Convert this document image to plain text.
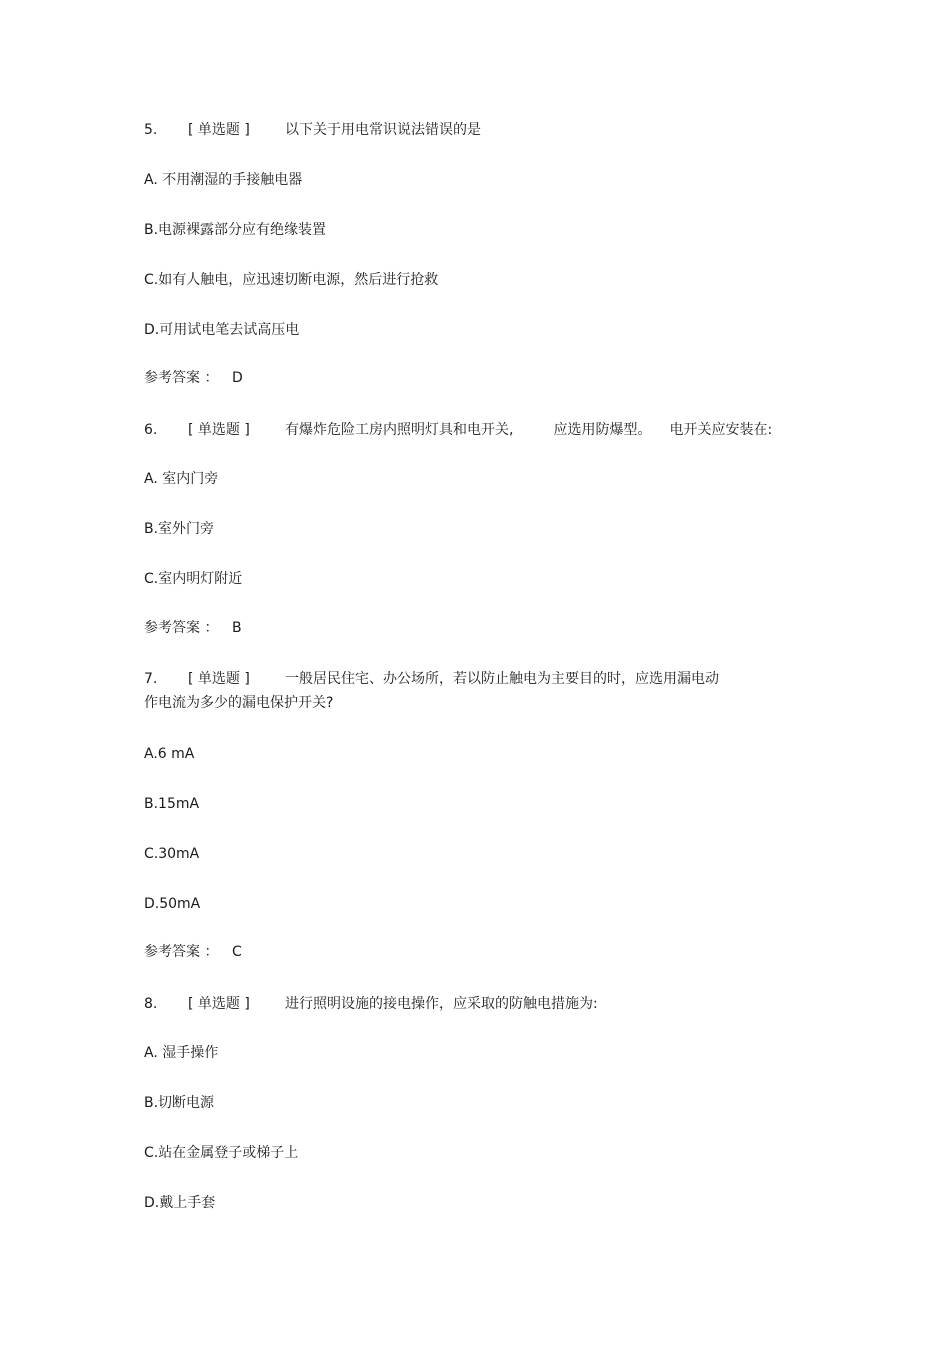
5. [ 单选题 ]	以下关于用电常识说法错误的是
A. 不用潮湿的手接触电器
B.电源裸露部分应有绝缘装置
C.如有人触电，应迅速切断电源，然后进行抢救
D.可用试电笔去试高压电
参考答案 ： D
6. [ 单选题 ]	有爆炸危险工房内照明灯具和电开关,	应选用防爆型。 电开关应安装在:
A. 室内门旁
B.室外门旁
C.室内明灯附近
参考答案 ： B
7. [ 单选题 ]	一般居民住宅、办公场所，若以防止触电为主要目的时，应选用漏电动
作电流为多少的漏电保护开关?
A.6 mA
B.15mA
C.30mA
D.50mA
参考答案 ： C
8. [ 单选题 ]	进行照明设施的接电操作，应采取的防触电措施为:
A. 湿手操作
B.切断电源
C.站在金属登子或梯子上
D.戴上手套
